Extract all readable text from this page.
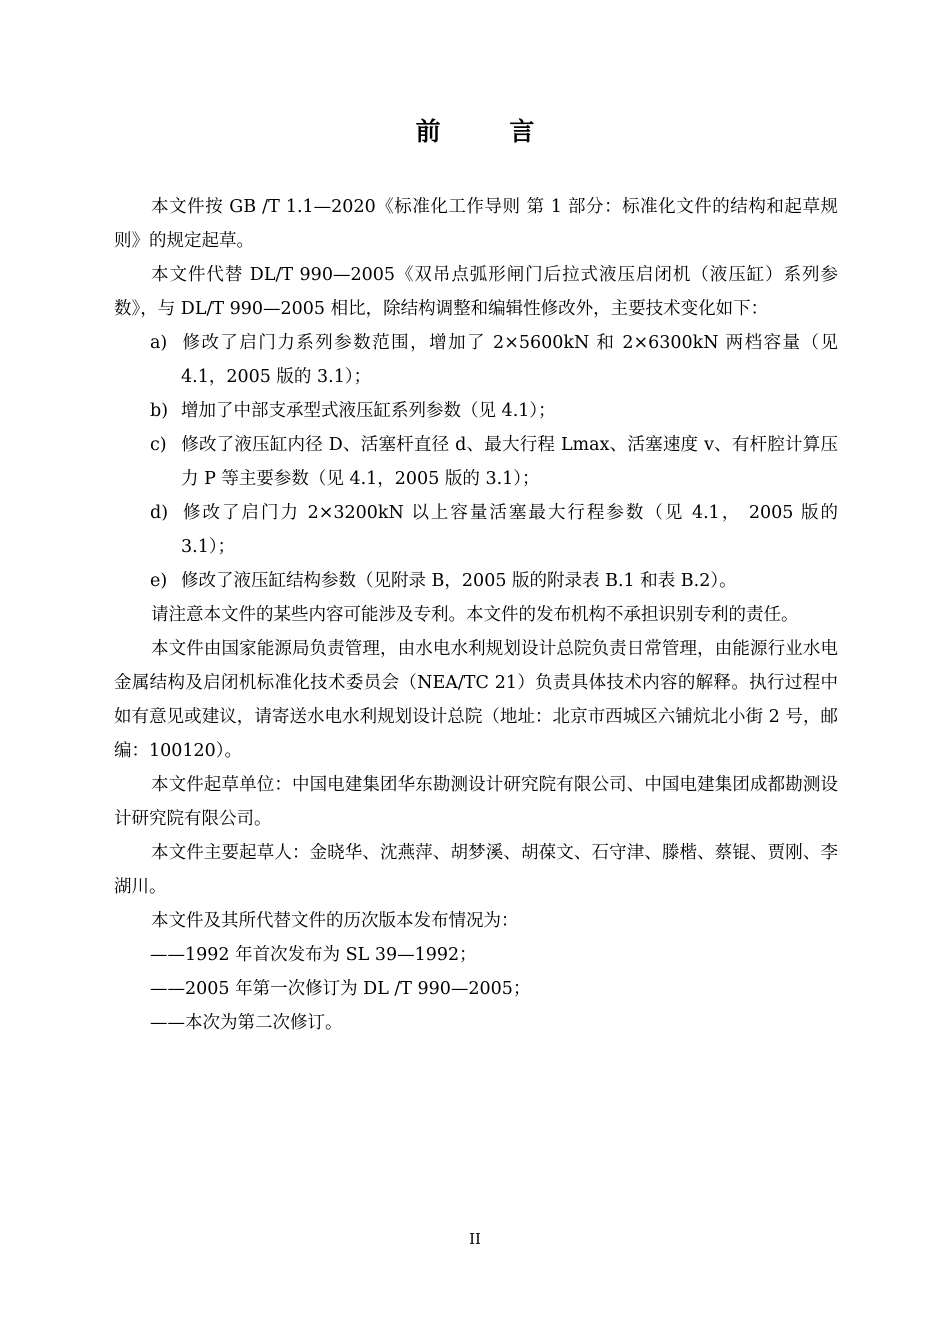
前 言

本文件按 GB /T 1.1—2020《标准化工作导则 第 1 部分：标准化文件的结构和起草规则》的规定起草。

本文件代替 DL/T 990—2005《双吊点弧形闸门后拉式液压启闭机（液压缸）系列参数》，与 DL/T 990—2005 相比，除结构调整和编辑性修改外，主要技术变化如下：

a) 修改了启门力系列参数范围，增加了 2×5600kN 和 2×6300kN 两档容量（见 4.1，2005 版的 3.1）；

b) 增加了中部支承型式液压缸系列参数（见 4.1）；

c) 修改了液压缸内径 D、活塞杆直径 d、最大行程 Lmax、活塞速度 v、有杆腔计算压力 P 等主要参数（见 4.1，2005 版的 3.1）；

d) 修改了启门力 2×3200kN 以上容量活塞最大行程参数（见 4.1， 2005 版的 3.1）；

e) 修改了液压缸结构参数（见附录 B，2005 版的附录表 B.1 和表 B.2）。

请注意本文件的某些内容可能涉及专利。本文件的发布机构不承担识别专利的责任。

本文件由国家能源局负责管理，由水电水利规划设计总院负责日常管理，由能源行业水电金属结构及启闭机标准化技术委员会（NEA/TC 21）负责具体技术内容的解释。执行过程中如有意见或建议，请寄送水电水利规划设计总院（地址：北京市西城区六铺炕北小街 2 号，邮编：100120）。

本文件起草单位：中国电建集团华东勘测设计研究院有限公司、中国电建集团成都勘测设计研究院有限公司。

本文件主要起草人：金晓华、沈燕萍、胡梦溪、胡葆文、石守津、滕楷、蔡锟、贾刚、李湖川。

本文件及其所代替文件的历次版本发布情况为：

——1992 年首次发布为 SL 39—1992；

——2005 年第一次修订为 DL /T 990—2005；

——本次为第二次修订。

II
